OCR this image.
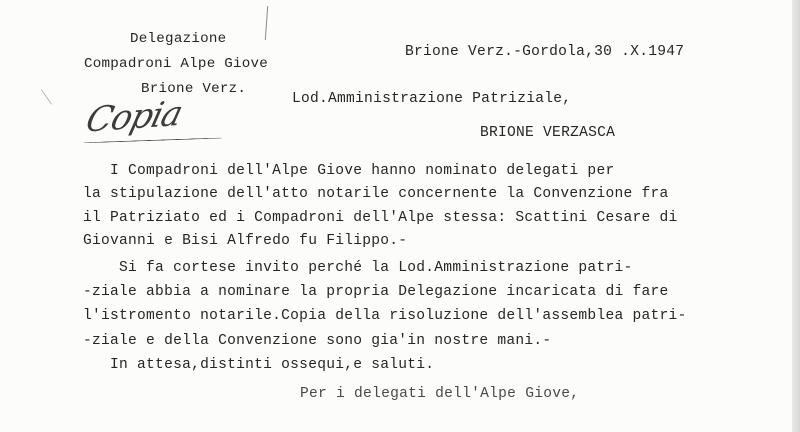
Delegazione
Compadroni Alpe Giove
Brione Verz.
Copia
Brione Verz.-Gordola,30 .X.1947
Lod.Amministrazione Patriziale,
BRIONE VERZASCA
I Compadroni dell'Alpe Giove hanno nominato delegati per
la stipulazione dell'atto notarile concernente la Convenzione fra
il Patriziato ed i Compadroni dell'Alpe stessa: Scattini Cesare di
Giovanni e Bisi Alfredo fu Filippo.-
Si fa cortese invito perché la Lod.Amministrazione patri-
-ziale abbia a nominare la propria Delegazione incaricata di fare
l'istromento notarile.Copia della risoluzione dell'assemblea patri-
-ziale e della Convenzione sono gia'in nostre mani.-
In attesa,distinti ossequi,e saluti.
Per i delegati dell'Alpe Giove,
